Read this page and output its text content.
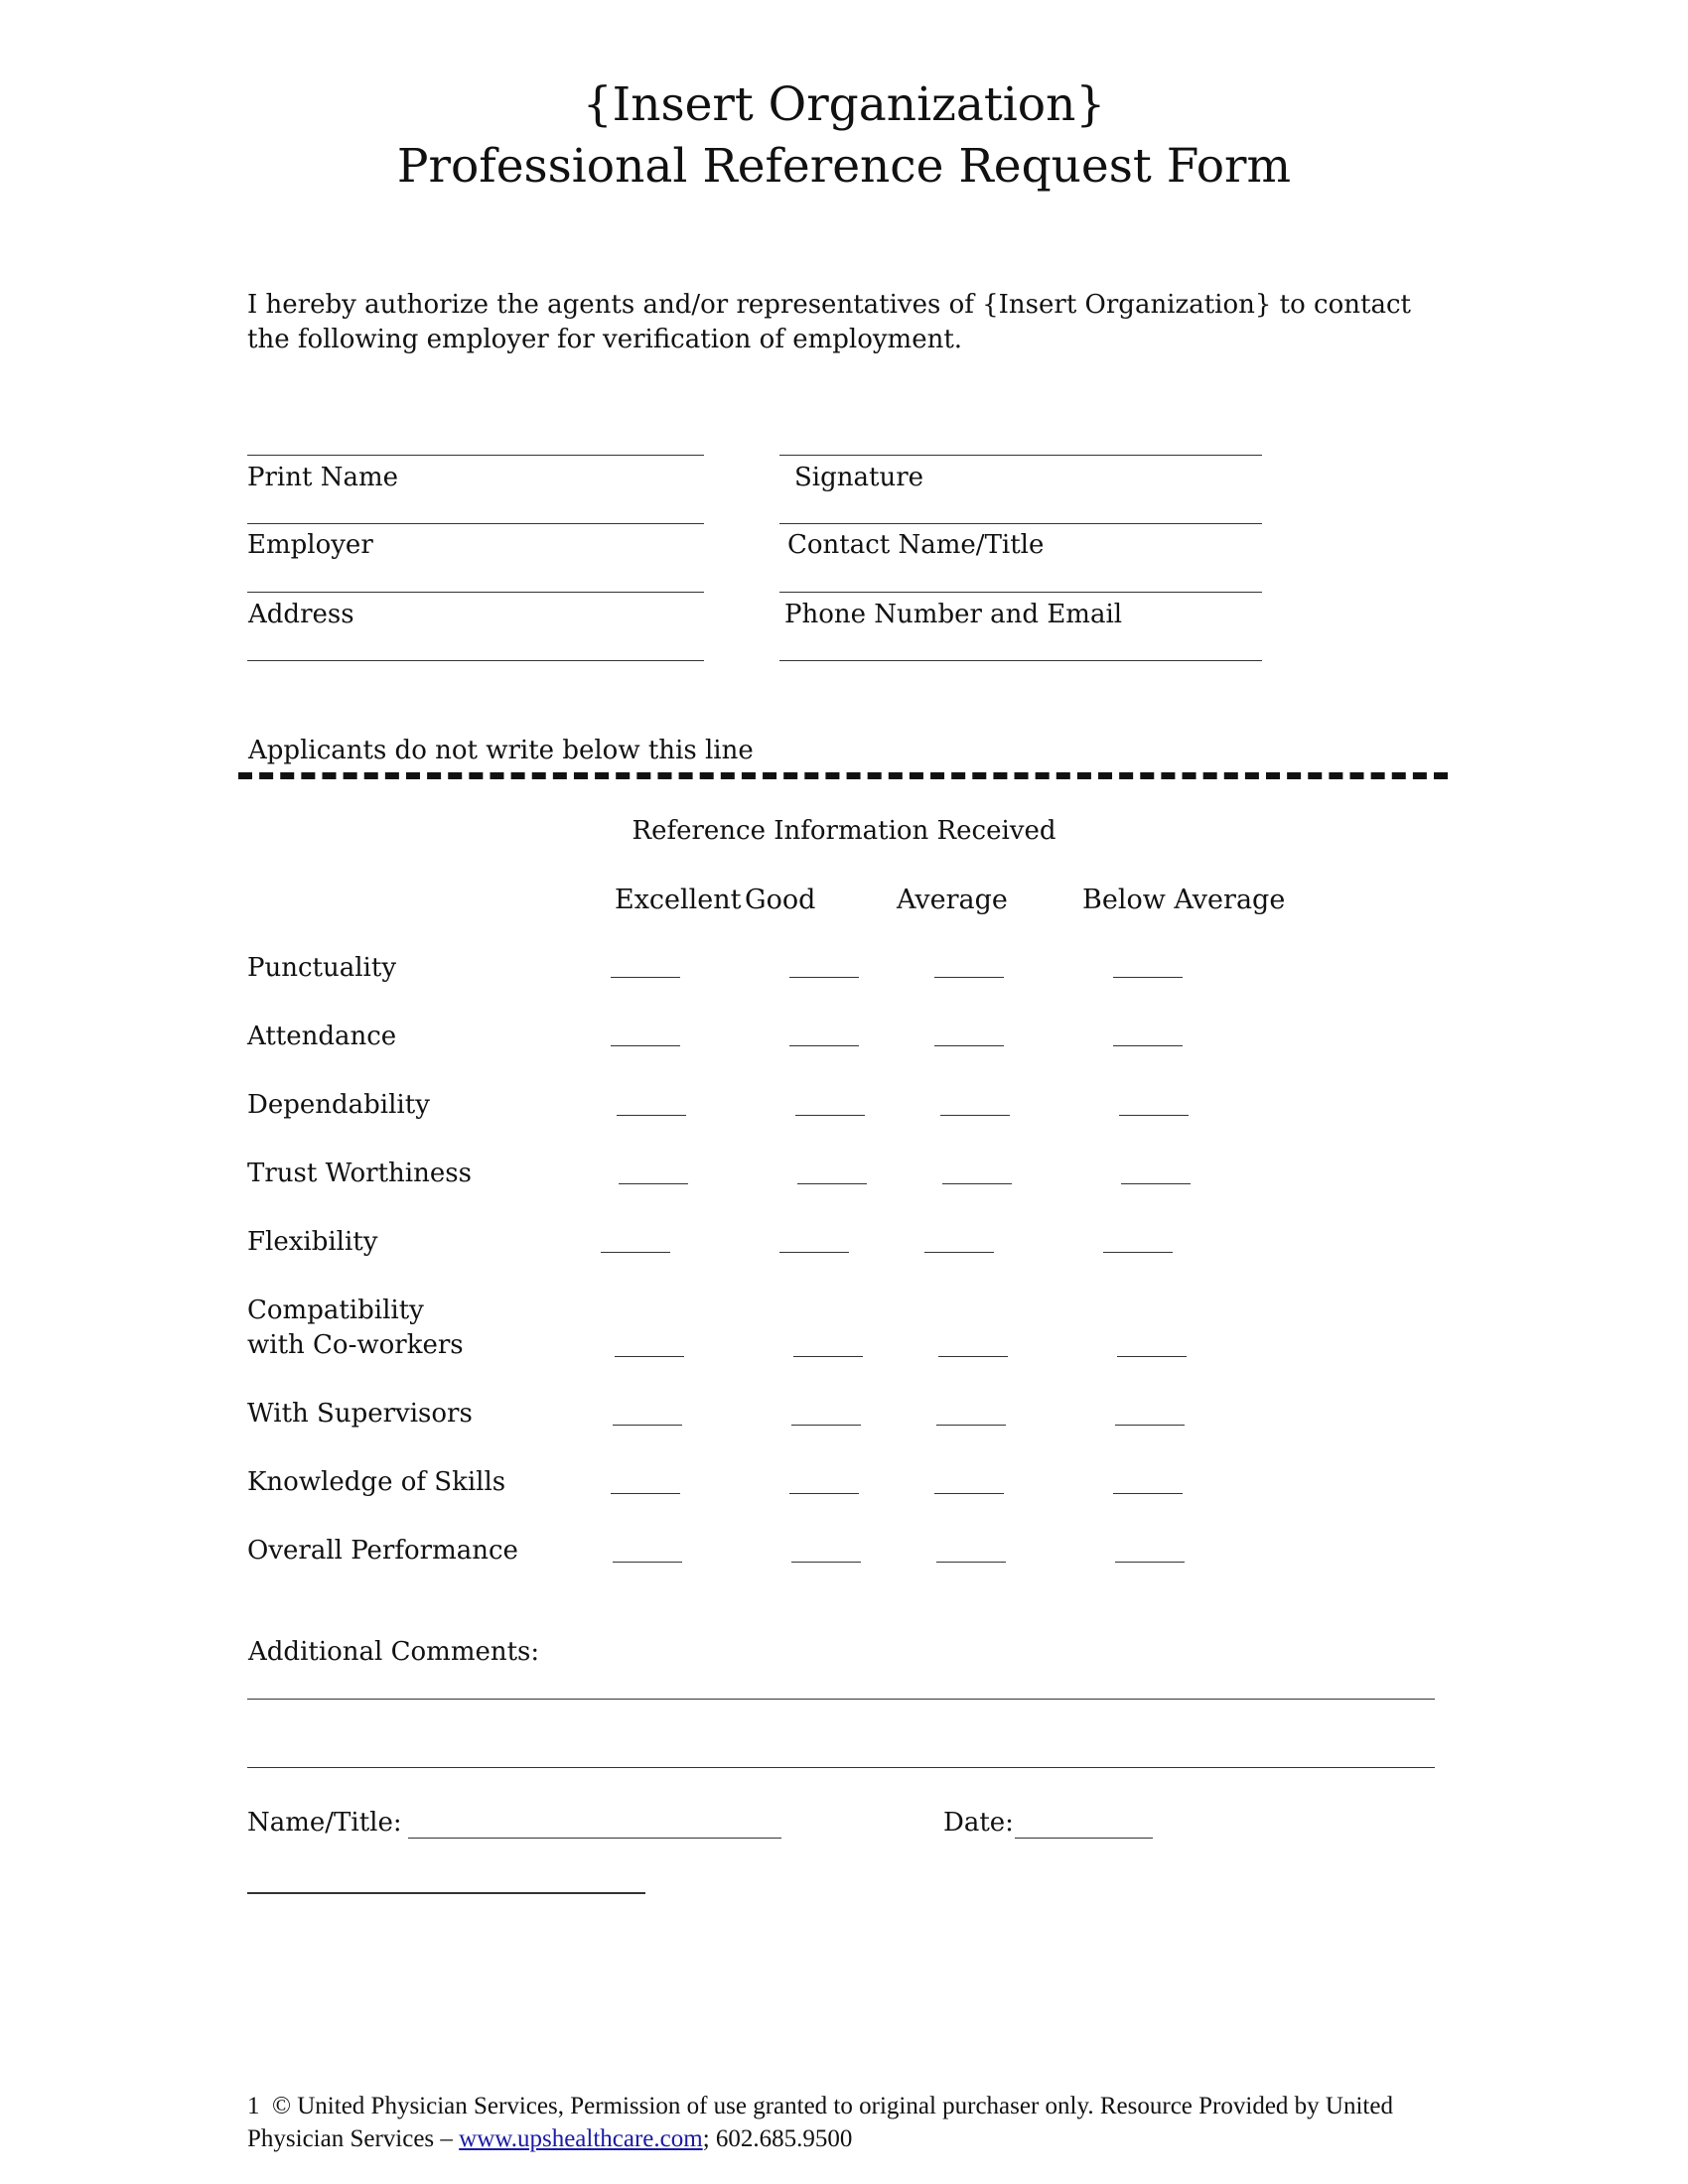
{Insert Organization}
Professional Reference Request Form
I hereby authorize the agents and/or representatives of {Insert Organization} to contact the following employer for verification of employment.
Print Name	Signature
Employer	Contact Name/Title
Address	Phone Number and Email
Applicants do not write below this line
Reference Information Received
Excellent Good	Average	Below Average
Punctuality
Attendance
Dependability
Trust Worthiness
Flexibility
Compatibility
with Co-workers
With Supervisors
Knowledge of Skills
Overall Performance
Additional Comments:
Name/Title:	Date:
1 © United Physician Services, Permission of use granted to original purchaser only. Resource Provided by United Physician Services – www.upshealthcare.com; 602.685.9500
